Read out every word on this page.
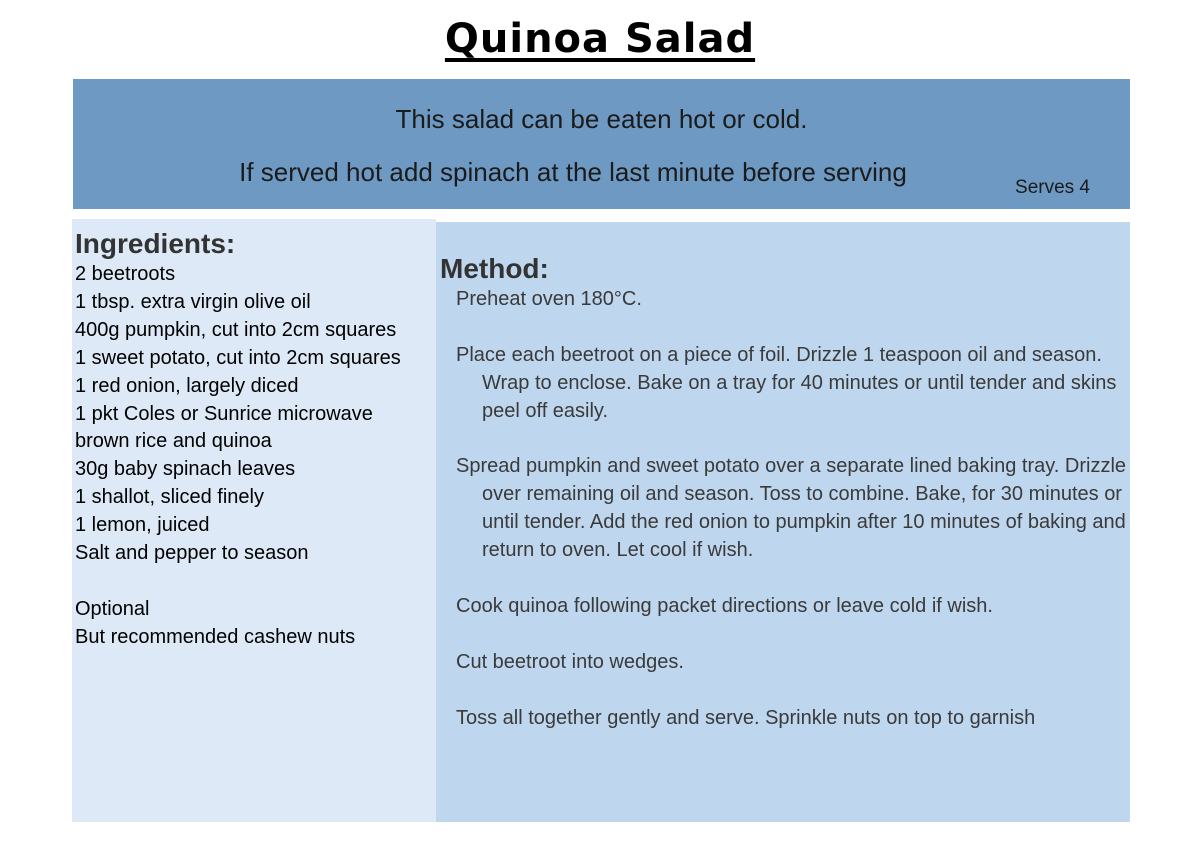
Quinoa Salad
This salad can be eaten hot or cold.
If served hot add spinach at the last minute before serving
Serves 4
Ingredients:
2 beetroots
1 tbsp. extra virgin olive oil
400g pumpkin, cut into 2cm squares
1 sweet potato, cut into 2cm squares
1 red onion, largely diced
1 pkt Coles or Sunrice microwave
brown rice and quinoa
30g baby spinach leaves
1 shallot, sliced finely
1 lemon, juiced
Salt and pepper to season
Optional
But recommended cashew nuts
Method:
Preheat oven 180°C.
Place each beetroot on a piece of foil. Drizzle 1 teaspoon oil and season. Wrap to enclose. Bake on a tray for 40 minutes or until tender and skins peel off easily.
Spread pumpkin and sweet potato over a separate lined baking tray. Drizzle over remaining oil and season. Toss to combine. Bake, for 30 minutes or until tender. Add the red onion to pumpkin after 10 minutes of baking and return to oven. Let cool if wish.
Cook quinoa following packet directions or leave cold if wish.
Cut beetroot into wedges.
Toss all together gently and serve. Sprinkle nuts on top to garnish
